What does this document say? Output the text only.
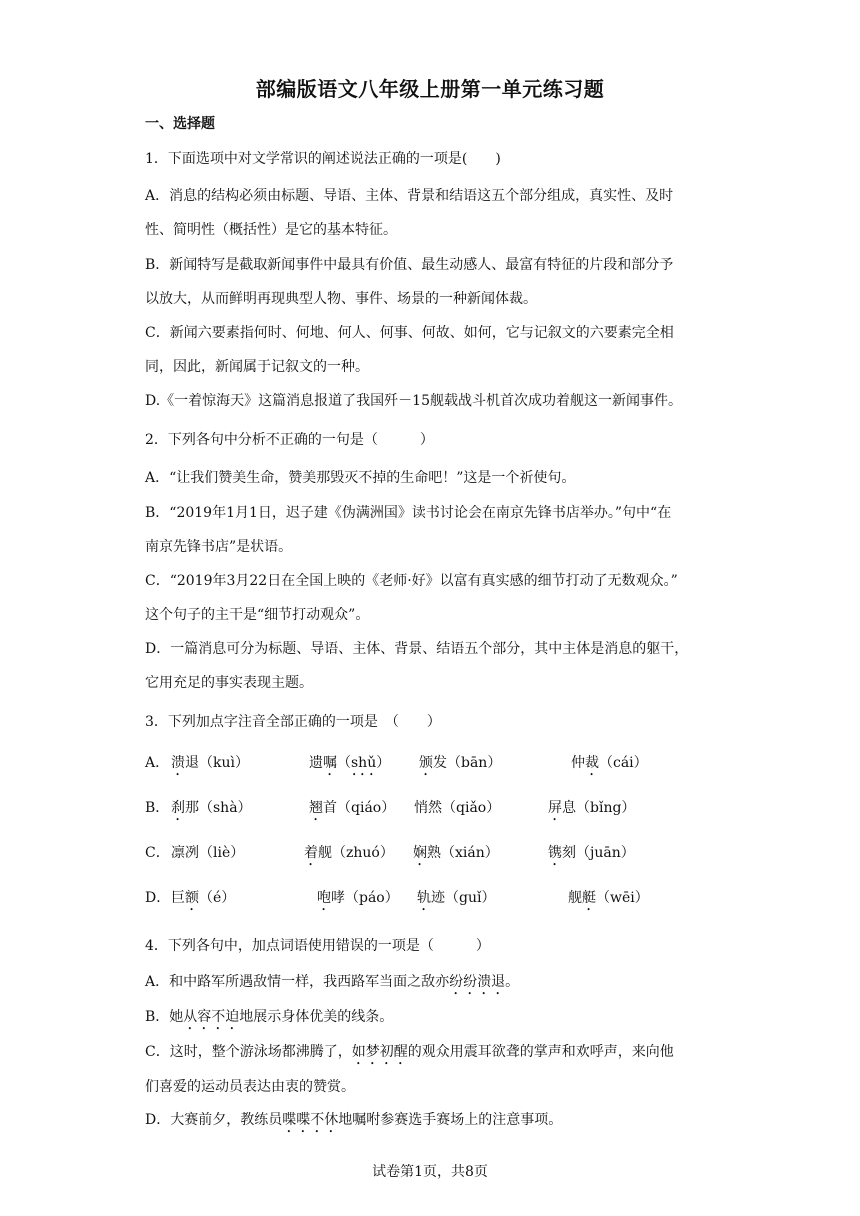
部编版语文八年级上册第一单元练习题
一、选择题
1．下面选项中对文学常识的阐述说法正确的一项是(　　)
A．消息的结构必须由标题、导语、主体、背景和结语这五个部分组成，真实性、及时
性、简明性（概括性）是它的基本特征。
B．新闻特写是截取新闻事件中最具有价值、最生动感人、最富有特征的片段和部分予
以放大，从而鲜明再现典型人物、事件、场景的一种新闻体裁。
C．新闻六要素指何时、何地、何人、何事、何故、如何，它与记叙文的六要素完全相
同，因此，新闻属于记叙文的一种。
D.《一着惊海天》这篇消息报道了我国歼－15舰载战斗机首次成功着舰这一新闻事件。
2．下列各句中分析不正确的一句是（　　　）
A．“让我们赞美生命，赞美那毁灭不掉的生命吧！”这是一个祈使句。
B．“2019年1月1日，迟子建《伪满洲国》读书讨论会在南京先锋书店举办。”句中“在
南京先锋书店”是状语。
C．“2019年3月22日在全国上映的《老师·好》以富有真实感的细节打动了无数观众。”
这个句子的主干是“细节打动观众”。
D．一篇消息可分为标题、导语、主体、背景、结语五个部分，其中主体是消息的躯干，
它用充足的事实表现主题。
3．下列加点字注音全部正确的一项是　（　　）
A． 溃退（kuì）	遗嘱（shǔ） 颁发（bān）	仲裁（cái）
B． 刹那（shà）	翘首（qiáo） 悄然（qiǎo）	屏息（bǐng）
C． 凛冽（liè）	着舰（zhuó） 娴熟（xián）	镌刻（juān）
D． 巨额（é）	咆哮（páo） 轨迹（guǐ）	舰艇（wēi）
4．下列各句中，加点词语使用错误的一项是（　　　）
A．和中路军所遇敌情一样，我西路军当面之敌亦纷纷溃退。
B．她从容不迫地展示身体优美的线条。
C．这时，整个游泳场都沸腾了，如梦初醒的观众用震耳欲聋的掌声和欢呼声，来向他
们喜爱的运动员表达由衷的赞赏。
D．大赛前夕，教练员喋喋不休地嘱咐参赛选手赛场上的注意事项。
试卷第1页，共8页
